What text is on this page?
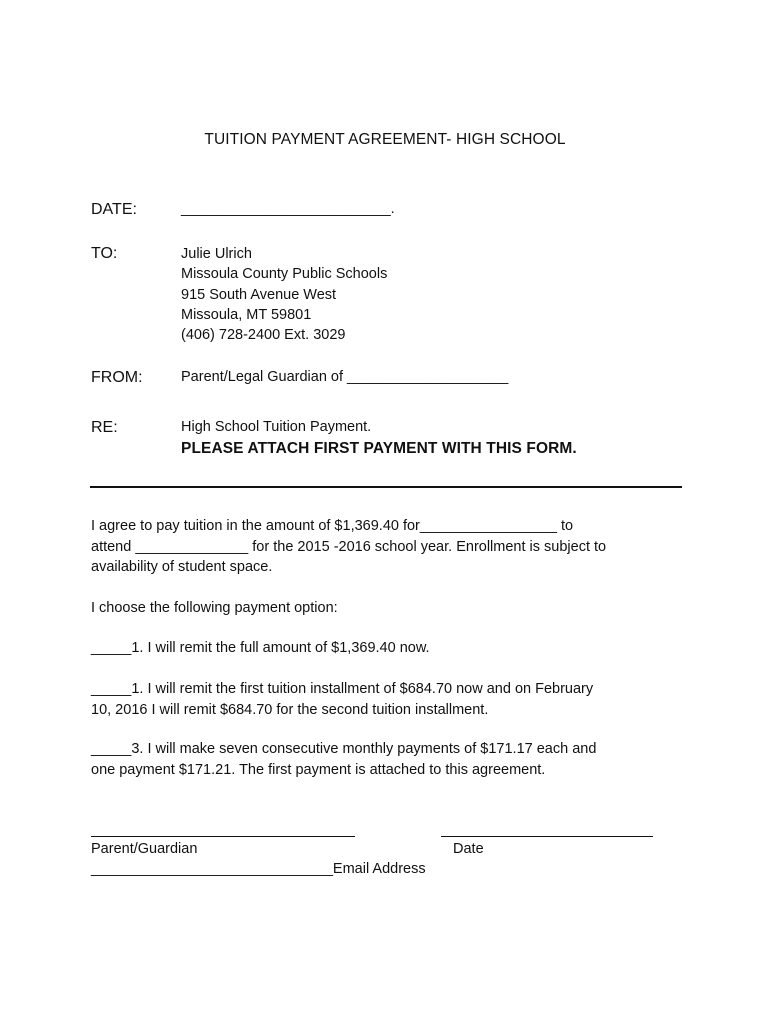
TUITION PAYMENT AGREEMENT- HIGH SCHOOL
DATE:	__________________________.
TO:	Julie Ulrich
Missoula County Public Schools
915 South Avenue West
Missoula, MT 59801
(406) 728-2400 Ext. 3029
FROM:	Parent/Legal Guardian of ____________________
RE:	High School Tuition Payment.
PLEASE ATTACH FIRST PAYMENT WITH THIS FORM.
I agree to pay tuition in the amount of $1,369.40 for_________________ to
attend ______________ for the 2015 -2016 school year. Enrollment is subject to
availability of student space.
I choose the following payment option:
_____1. I will remit the full amount of $1,369.40 now.
_____1. I will remit the first tuition installment of $684.70 now and on February
10, 2016 I will remit $684.70 for the second tuition installment.
_____3. I will make seven consecutive monthly payments of $171.17 each and
one payment $171.21. The first payment is attached to this agreement.
Parent/Guardian	Date
______________________________Email Address
